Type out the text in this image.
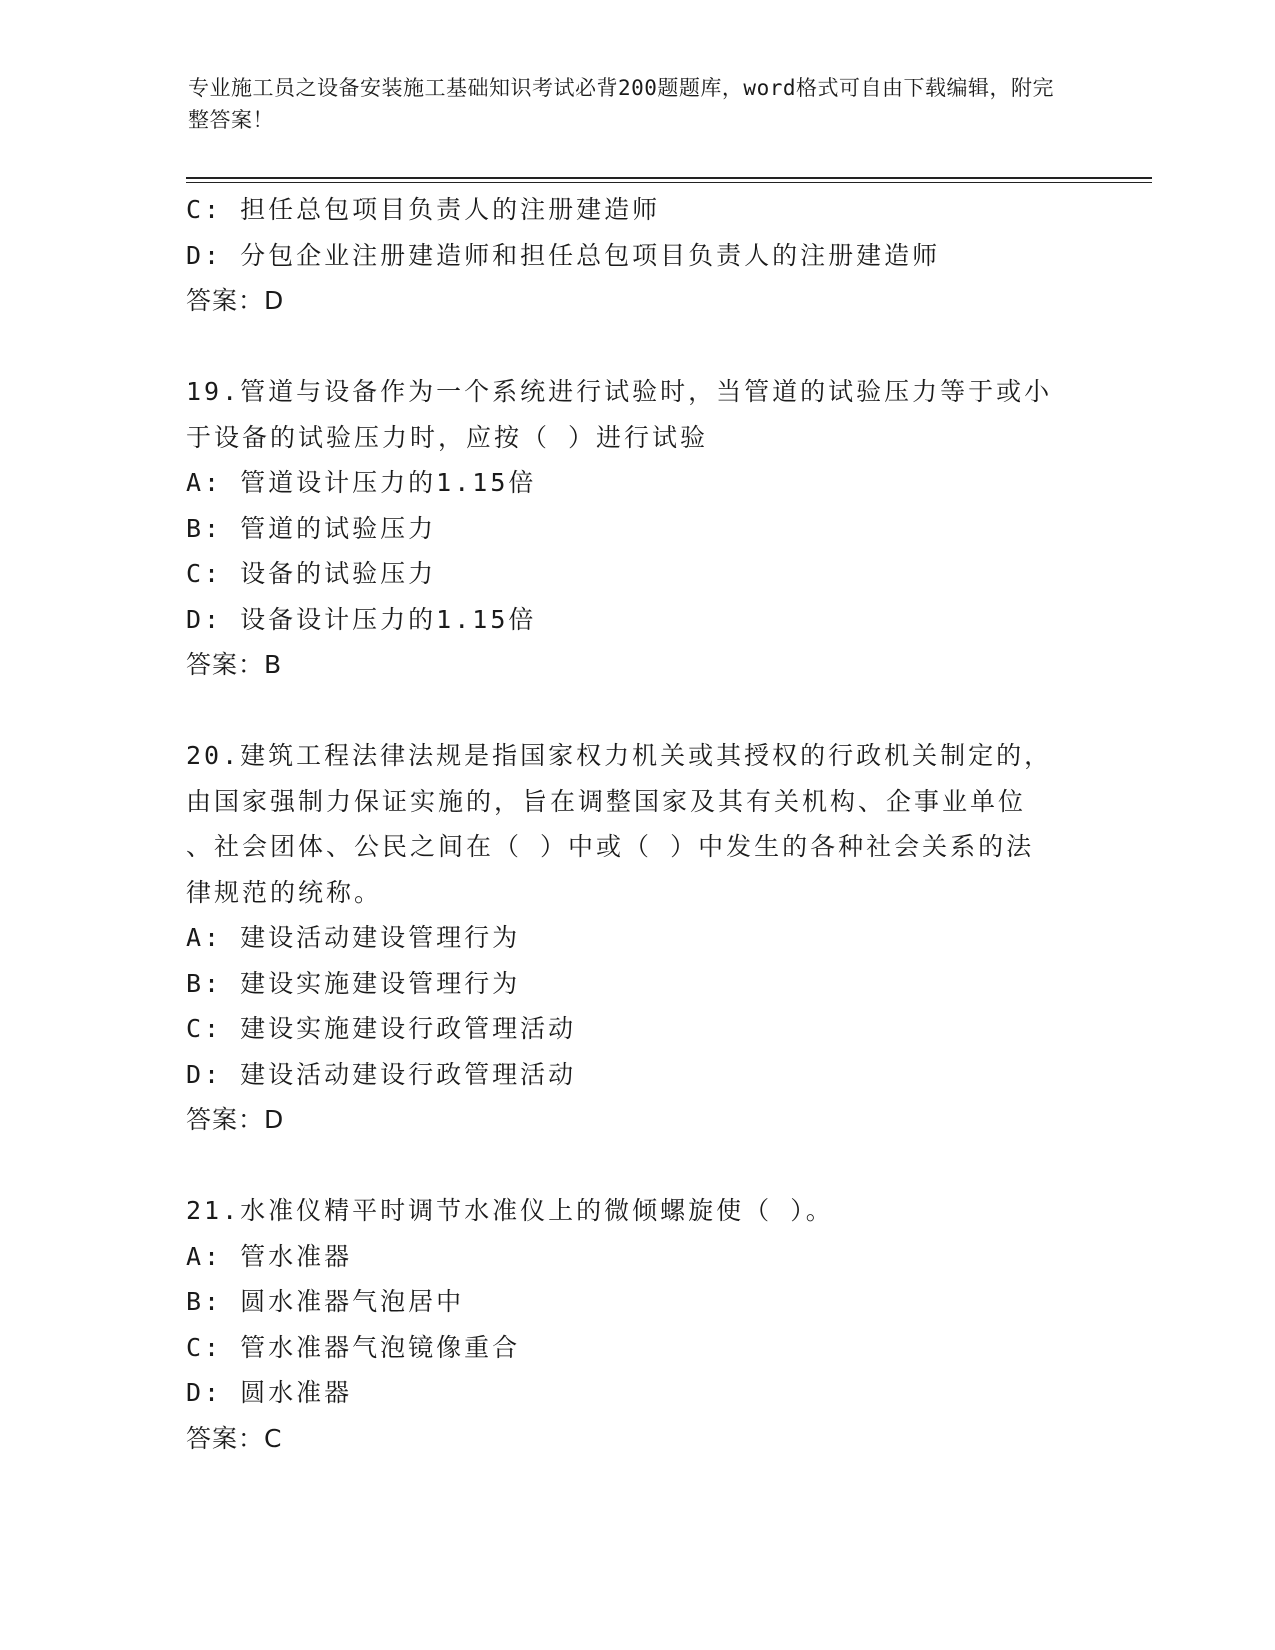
专业施工员之设备安装施工基础知识考试必背200题题库，word格式可自由下载编辑，附完整答案！
C: 担任总包项目负责人的注册建造师
D: 分包企业注册建造师和担任总包项目负责人的注册建造师
答案：D
19.管道与设备作为一个系统进行试验时，当管道的试验压力等于或小
于设备的试验压力时，应按（ ）进行试验
A: 管道设计压力的1.15倍
B: 管道的试验压力
C: 设备的试验压力
D: 设备设计压力的1.15倍
答案：B
20.建筑工程法律法规是指国家权力机关或其授权的行政机关制定的，
由国家强制力保证实施的，旨在调整国家及其有关机构、企事业单位
、社会团体、公民之间在（ ）中或（ ）中发生的各种社会关系的法
律规范的统称。
A: 建设活动建设管理行为
B: 建设实施建设管理行为
C: 建设实施建设行政管理活动
D: 建设活动建设行政管理活动
答案：D
21.水准仪精平时调节水准仪上的微倾螺旋使（ ）。
A: 管水准器
B: 圆水准器气泡居中
C: 管水准器气泡镜像重合
D: 圆水准器
答案：C
